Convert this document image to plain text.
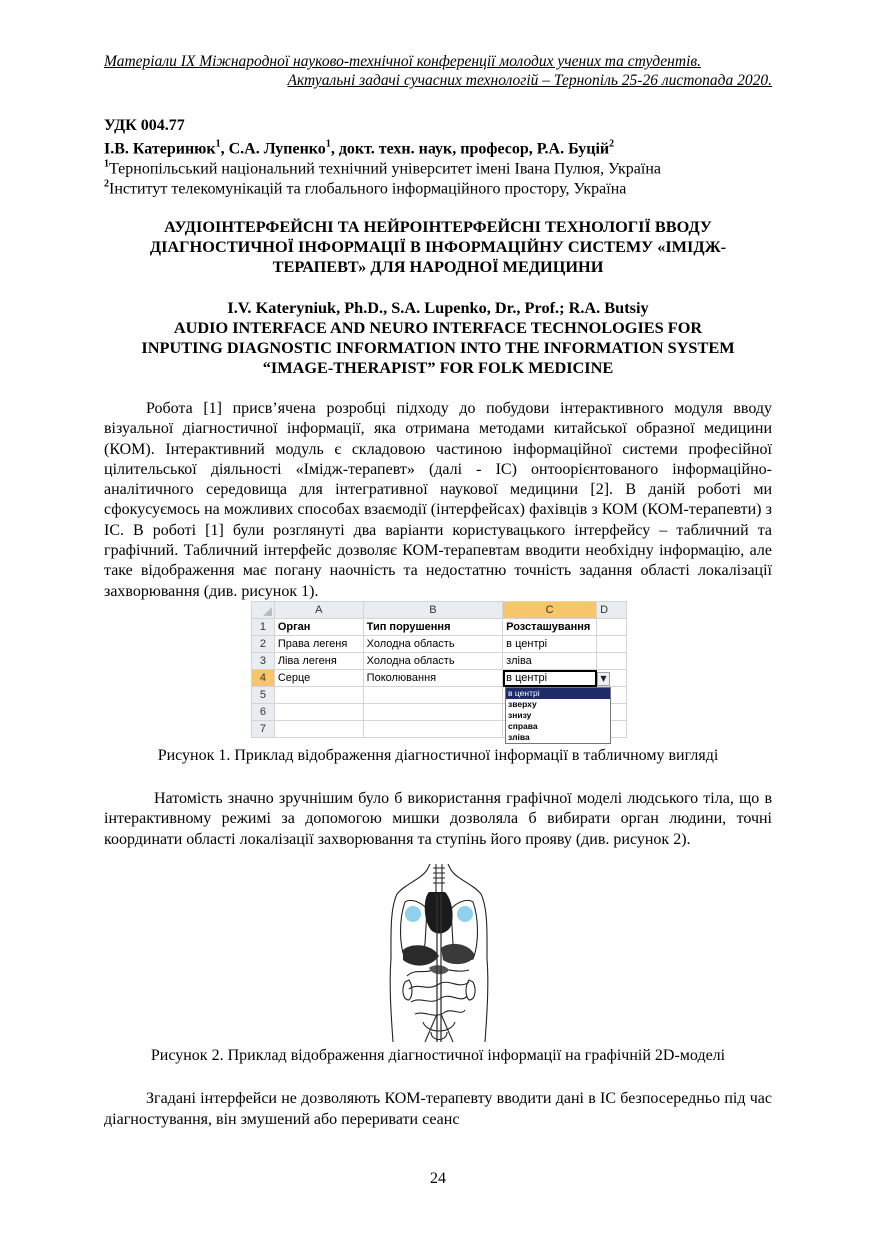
Матеріали IX Міжнародної науково-технічної конференції молодих учених та студентів.
Актуальні задачі сучасних технологій – Тернопіль 25-26 листопада 2020.
УДК 004.77
І.В. Катеринюк$^1$, С.А. Лупенко$^1$, докт. техн. наук, професор, Р.А. Буцій$^2$
$^1$Тернопільський національний технічний університет імені Івана Пулюя, Україна
$^2$Інститут телекомунікацій та глобального інформаційного простору, Україна
АУДІОІНТЕРФЕЙСНІ ТА НЕЙРОІНТЕРФЕЙСНІ ТЕХНОЛОГІЇ ВВОДУ
ДІАГНОСТИЧНОЇ ІНФОРМАЦІЇ В ІНФОРМАЦІЙНУ СИСТЕМУ «ІМІДЖ-
ТЕРАПЕВТ» ДЛЯ НАРОДНОЇ МЕДИЦИНИ
I.V. Kateryniuk, Ph.D., S.A. Lupenko, Dr., Prof.; R.A. Butsiy
AUDIO INTERFACE AND NEURO INTERFACE TECHNOLOGIES FOR
INPUTING DIAGNOSTIC INFORMATION INTO THE INFORMATION SYSTEM
“IMAGE-THERAPIST” FOR FOLK MEDICINE

Робота [1] присв’ячена розробці підходу до побудови інтерактивного модуля вводу візуальної діагностичної інформації, яка отримана методами китайської образної медицини (КОМ). Інтерактивний модуль є складовою частиною інформаційної системи професійної цілительської діяльності «Імідж-терапевт» (далі - ІС) онтоорієнтованого інформаційно-аналітичного середовища для інтегративної наукової медицини [2]. В даній роботі ми сфокусуємось на можливих способах взаємодії (інтерфейсах) фахівців з КОМ (КОМ-терапевти) з ІС. В роботі [1] були розглянуті два варіанти користувацького інтерфейсу – табличний та графічний. Табличний інтерфейс дозволяє КОМ-терапевтам вводити необхідну інформацію, але таке відображення має погану наочність та недостатню точність задання області локалізації захворювання (див. рисунок 1).

	A	B	C	D
1	Орган	Тип порушення	Розсташування	
2	Права легеня	Холодна область	в центрі	
3	Ліва легеня	Холодна область	зліва	
4	Серце	Поколювання	в центрі	
5				
6				
7				
▼
в центрі
зверху
знизу
справа
зліва
Рисунок 1. Приклад відображення діагностичної інформації в табличному вигляді

Натомість значно зручнішим було б використання графічної моделі людського тіла, що в інтерактивному режимі за допомогою мишки дозволяла б вибирати орган людини, точні координати області локалізації захворювання та ступінь його прояву (див. рисунок 2).

Рисунок 2. Приклад відображення діагностичної інформації на графічній 2D-моделі

Згадані інтерфейси не дозволяють КОМ-терапевту вводити дані в ІС безпосередньо під час діагностування, він змушений або переривати сеанс

24
